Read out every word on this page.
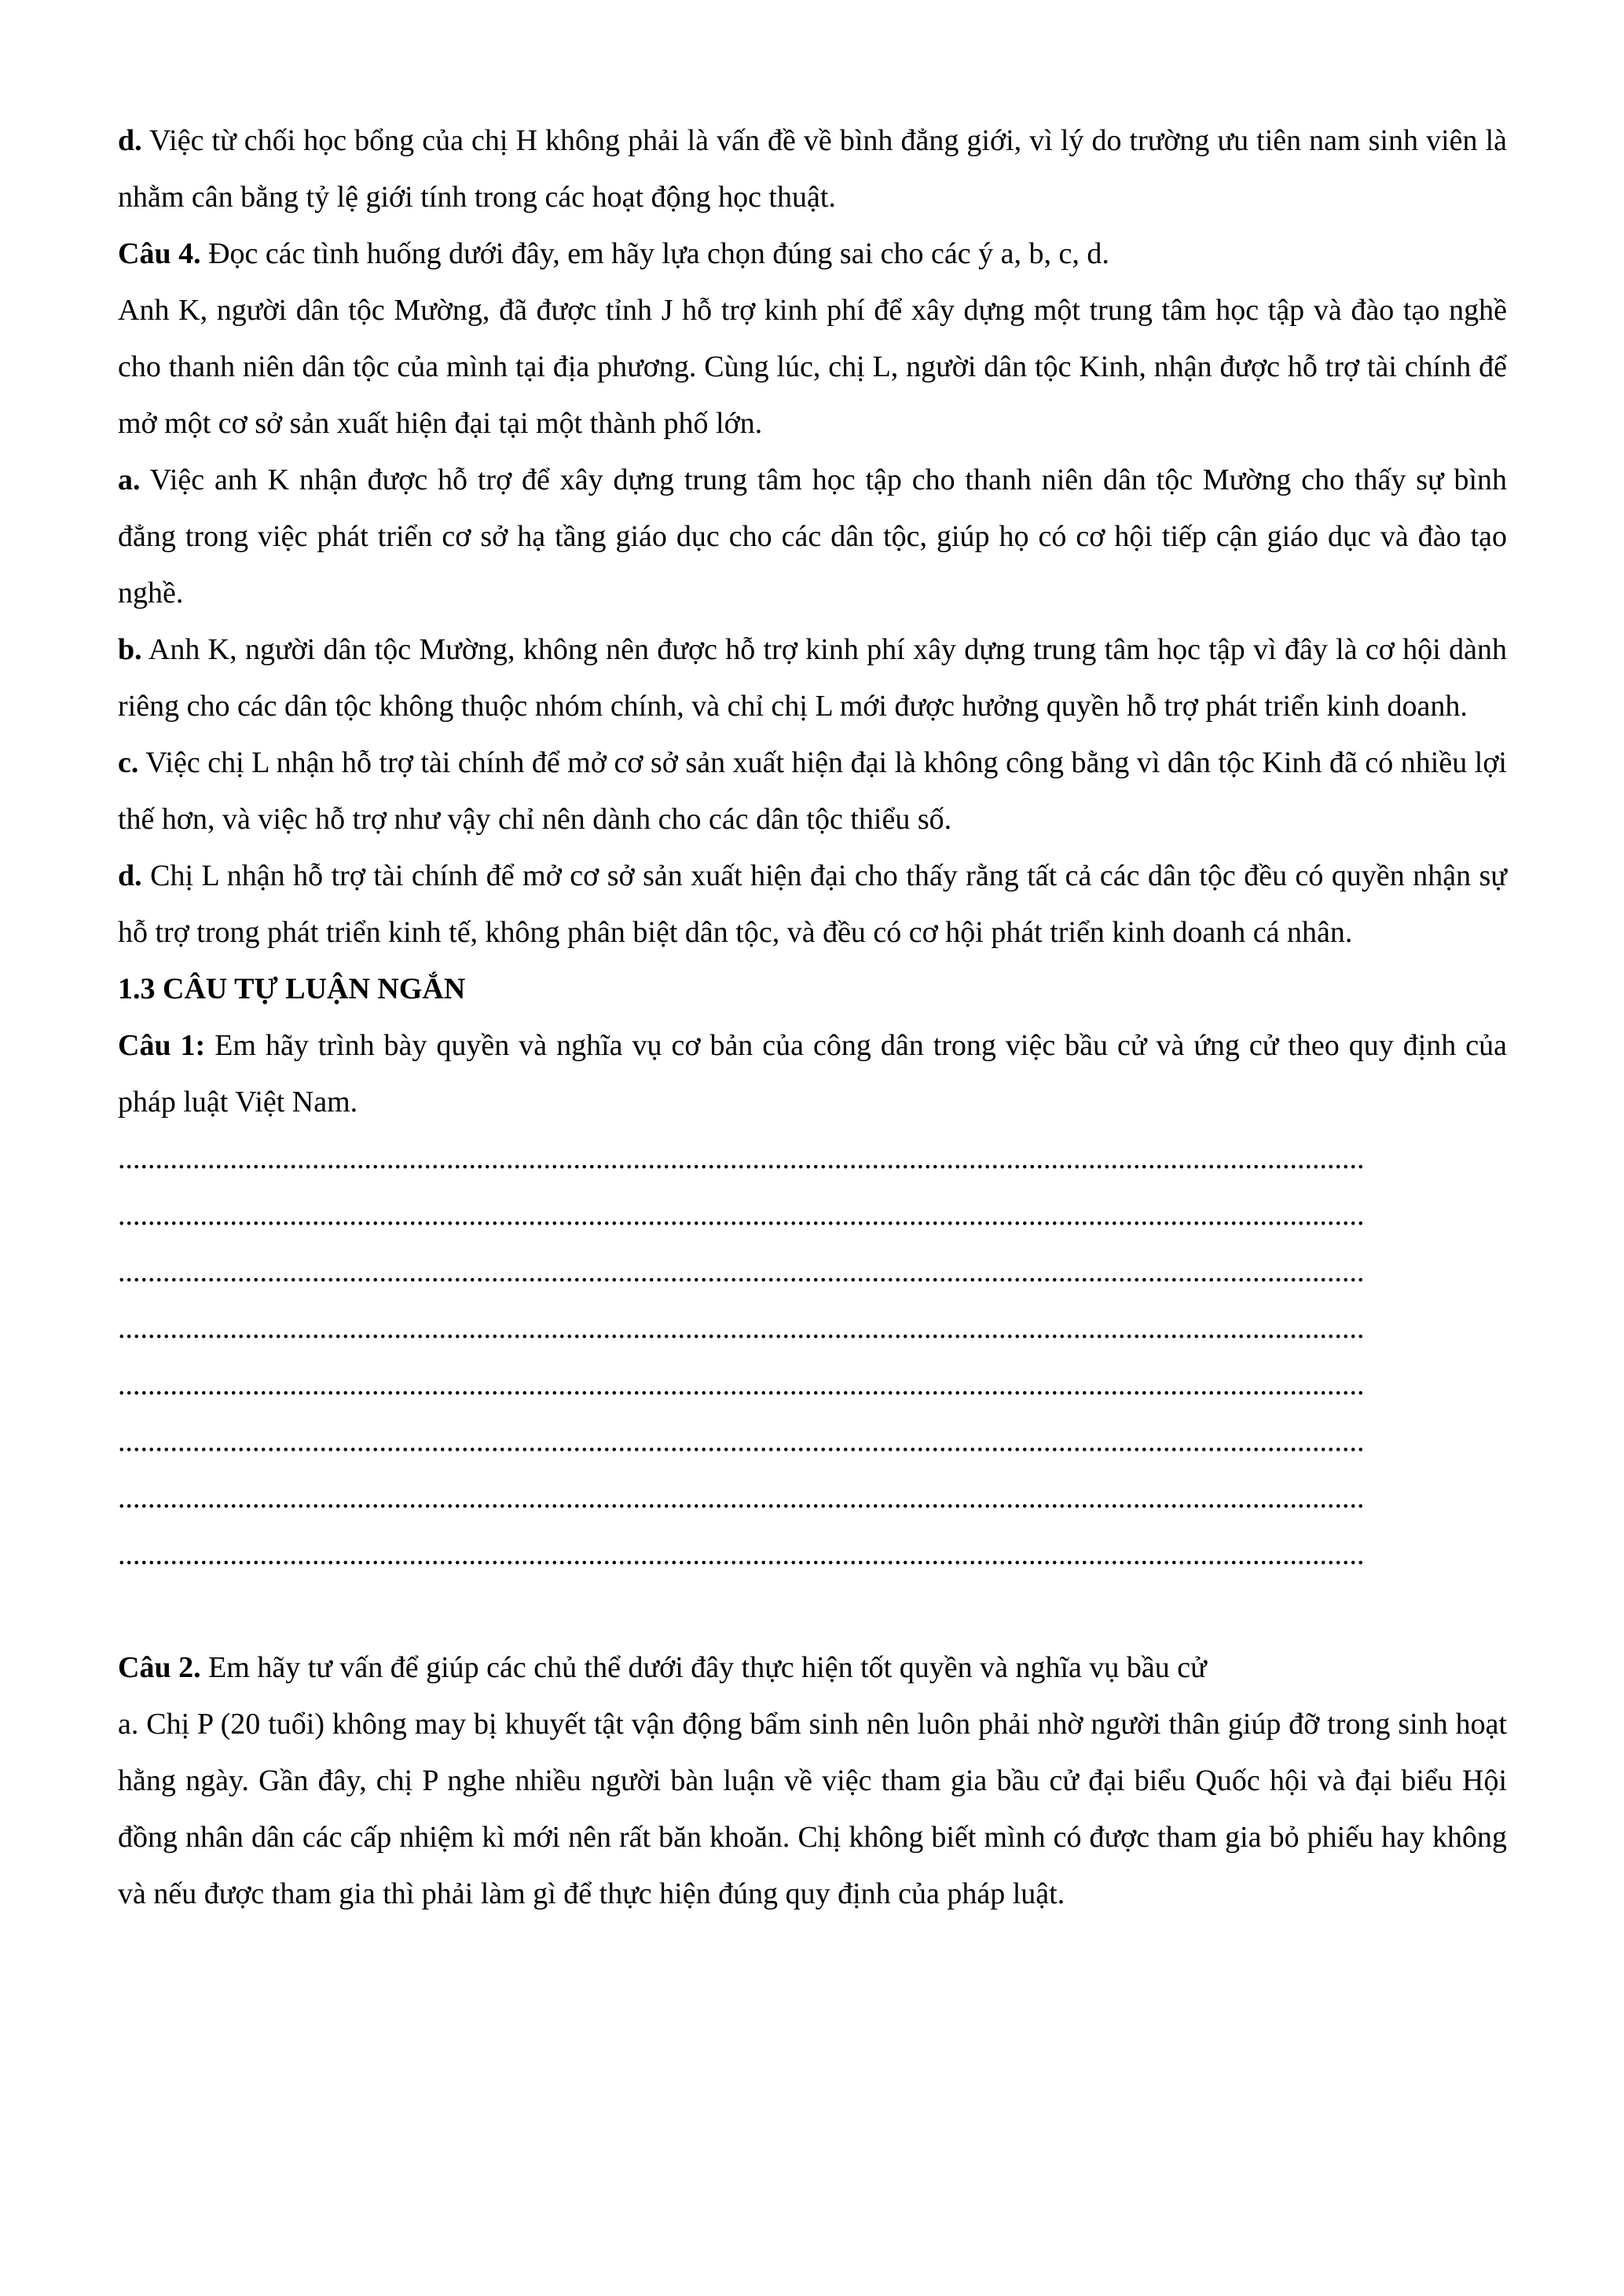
d. Việc từ chối học bổng của chị H không phải là vấn đề về bình đẳng giới, vì lý do trường ưu tiên nam sinh viên là nhằm cân bằng tỷ lệ giới tính trong các hoạt động học thuật.

Câu 4. Đọc các tình huống dưới đây, em hãy lựa chọn đúng sai cho các ý a, b, c, d.

Anh K, người dân tộc Mường, đã được tỉnh J hỗ trợ kinh phí để xây dựng một trung tâm học tập và đào tạo nghề cho thanh niên dân tộc của mình tại địa phương. Cùng lúc, chị L, người dân tộc Kinh, nhận được hỗ trợ tài chính để mở một cơ sở sản xuất hiện đại tại một thành phố lớn.

a. Việc anh K nhận được hỗ trợ để xây dựng trung tâm học tập cho thanh niên dân tộc Mường cho thấy sự bình đẳng trong việc phát triển cơ sở hạ tầng giáo dục cho các dân tộc, giúp họ có cơ hội tiếp cận giáo dục và đào tạo nghề.

b. Anh K, người dân tộc Mường, không nên được hỗ trợ kinh phí xây dựng trung tâm học tập vì đây là cơ hội dành riêng cho các dân tộc không thuộc nhóm chính, và chỉ chị L mới được hưởng quyền hỗ trợ phát triển kinh doanh.

c. Việc chị L nhận hỗ trợ tài chính để mở cơ sở sản xuất hiện đại là không công bằng vì dân tộc Kinh đã có nhiều lợi thế hơn, và việc hỗ trợ như vậy chỉ nên dành cho các dân tộc thiểu số.

d. Chị L nhận hỗ trợ tài chính để mở cơ sở sản xuất hiện đại cho thấy rằng tất cả các dân tộc đều có quyền nhận sự hỗ trợ trong phát triển kinh tế, không phân biệt dân tộc, và đều có cơ hội phát triển kinh doanh cá nhân.

1.3 CÂU TỰ LUẬN NGẮN

Câu 1: Em hãy trình bày quyền và nghĩa vụ cơ bản của công dân trong việc bầu cử và ứng cử theo quy định của pháp luật Việt Nam.

.......................................................................................................................................................................

.......................................................................................................................................................................

.......................................................................................................................................................................

.......................................................................................................................................................................

.......................................................................................................................................................................

.......................................................................................................................................................................

.......................................................................................................................................................................

.......................................................................................................................................................................

Câu 2. Em hãy tư vấn để giúp các chủ thể dưới đây thực hiện tốt quyền và nghĩa vụ bầu cử

a. Chị P (20 tuổi) không may bị khuyết tật vận động bẩm sinh nên luôn phải nhờ người thân giúp đỡ trong sinh hoạt hằng ngày. Gần đây, chị P nghe nhiều người bàn luận về việc tham gia bầu cử đại biểu Quốc hội và đại biểu Hội đồng nhân dân các cấp nhiệm kì mới nên rất băn khoăn. Chị không biết mình có được tham gia bỏ phiếu hay không và nếu được tham gia thì phải làm gì để thực hiện đúng quy định của pháp luật.
